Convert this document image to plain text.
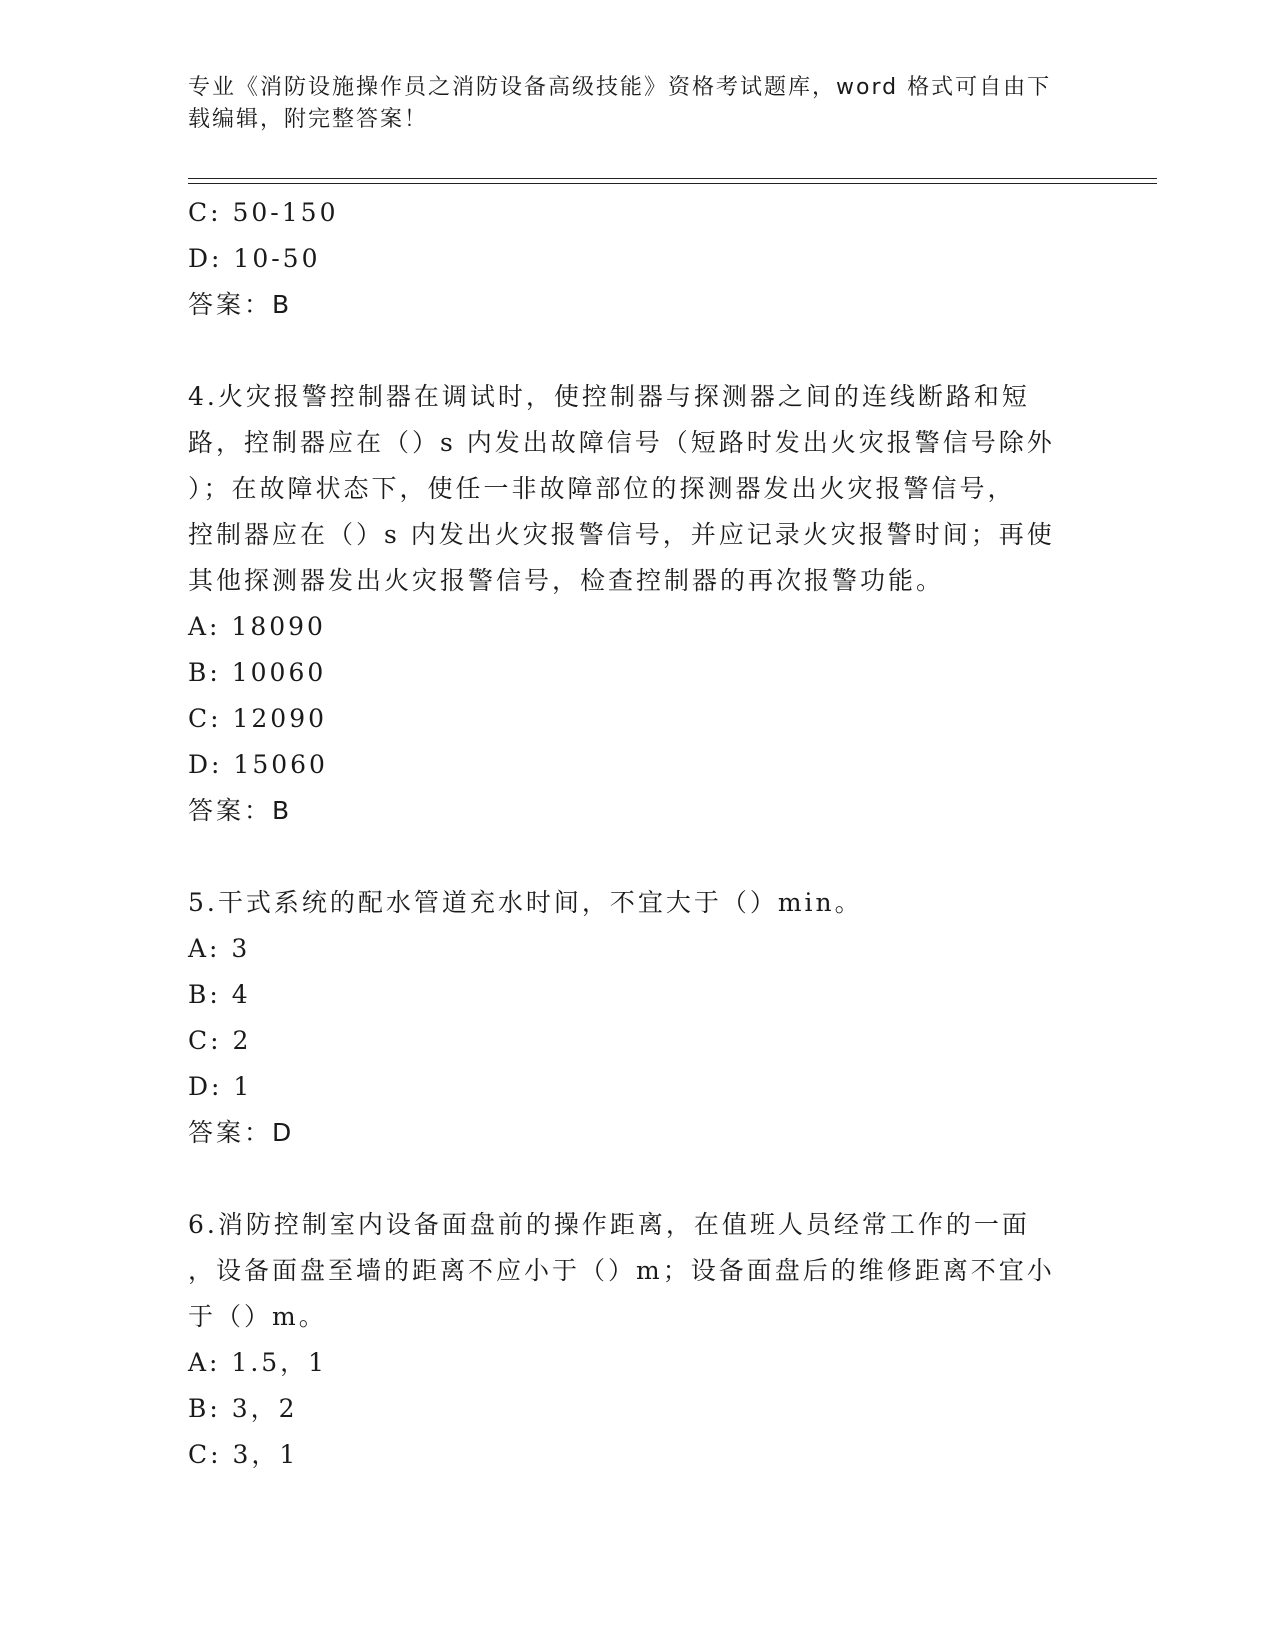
专业《消防设施操作员之消防设备高级技能》资格考试题库，word 格式可自由下
载编辑，附完整答案！
C: 50-150
D: 10-50
答案：B
4.火灾报警控制器在调试时，使控制器与探测器之间的连线断路和短
路，控制器应在（）s 内发出故障信号（短路时发出火灾报警信号除外
）；在故障状态下，使任一非故障部位的探测器发出火灾报警信号，
控制器应在（）s 内发出火灾报警信号，并应记录火灾报警时间；再使
其他探测器发出火灾报警信号，检查控制器的再次报警功能。
A: 18090
B: 10060
C: 12090
D: 15060
答案：B
5.干式系统的配水管道充水时间，不宜大于（）min。
A: 3
B: 4
C: 2
D: 1
答案：D
6.消防控制室内设备面盘前的操作距离，在值班人员经常工作的一面
，设备面盘至墙的距离不应小于（）m；设备面盘后的维修距离不宜小
于（）m。
A: 1.5，1
B: 3，2
C: 3，1
